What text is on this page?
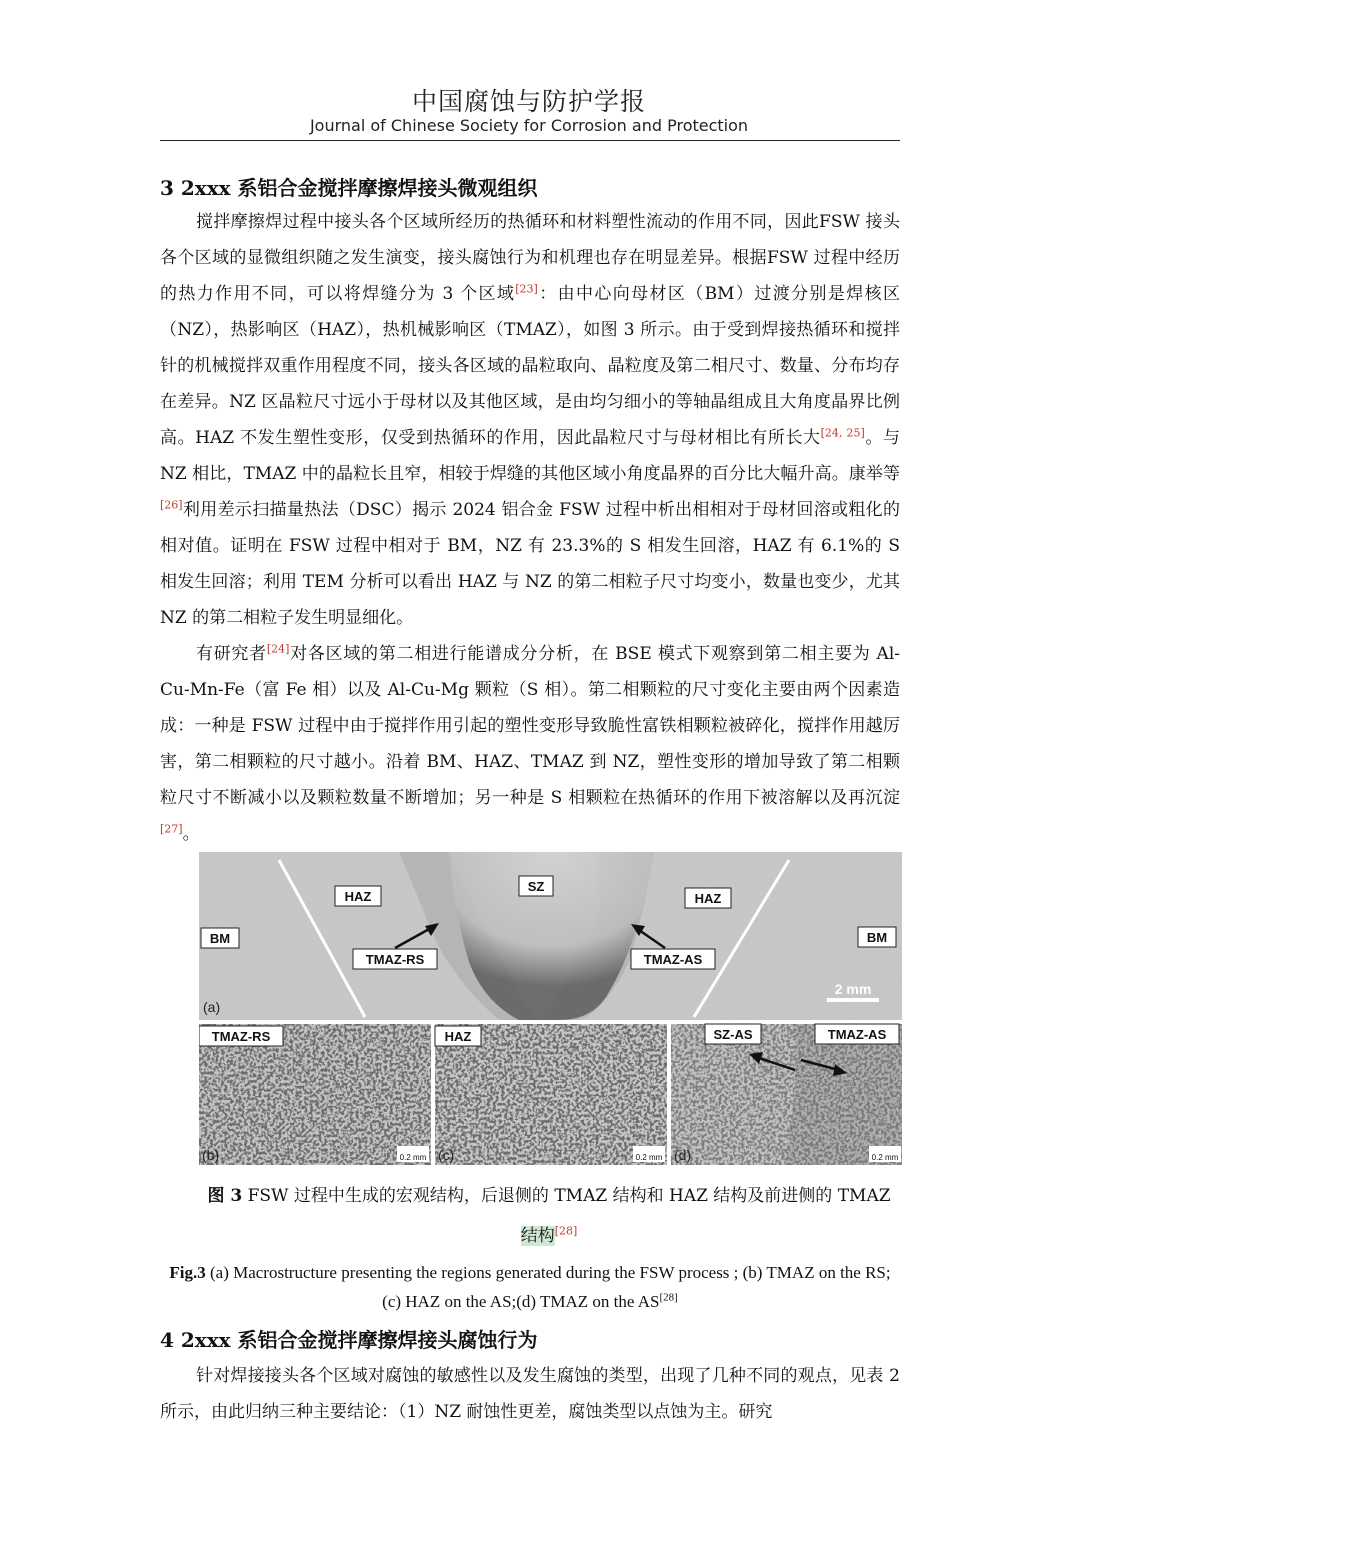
中国腐蚀与防护学报
Journal of Chinese Society for Corrosion and Protection
3 2xxx 系铝合金搅拌摩擦焊接头微观组织

搅拌摩擦焊过程中接头各个区域所经历的热循环和材料塑性流动的作用不同，因此FSW 接头各个区域的显微组织随之发生演变，接头腐蚀行为和机理也存在明显差异。根据FSW 过程中经历的热力作用不同，可以将焊缝分为 3 个区域[23]：由中心向母材区（BM）过渡分别是焊核区（NZ），热影响区（HAZ），热机械影响区（TMAZ），如图 3 所示。由于受到焊接热循环和搅拌针的机械搅拌双重作用程度不同，接头各区域的晶粒取向、晶粒度及第二相尺寸、数量、分布均存在差异。NZ 区晶粒尺寸远小于母材以及其他区域，是由均匀细小的等轴晶组成且大角度晶界比例高。HAZ 不发生塑性变形，仅受到热循环的作用，因此晶粒尺寸与母材相比有所长大[24, 25]。与 NZ 相比，TMAZ 中的晶粒长且窄，相较于焊缝的其他区域小角度晶界的百分比大幅升高。康举等[26]利用差示扫描量热法（DSC）揭示 2024 铝合金 FSW 过程中析出相相对于母材回溶或粗化的相对值。证明在 FSW 过程中相对于 BM，NZ 有 23.3%的 S 相发生回溶，HAZ 有 6.1%的 S 相发生回溶；利用 TEM 分析可以看出 HAZ 与 NZ 的第二相粒子尺寸均变小，数量也变少，尤其 NZ 的第二相粒子发生明显细化。

有研究者[24]对各区域的第二相进行能谱成分分析，在 BSE 模式下观察到第二相主要为 Al-Cu-Mn-Fe（富 Fe 相）以及 Al-Cu-Mg 颗粒（S 相）。第二相颗粒的尺寸变化主要由两个因素造成：一种是 FSW 过程中由于搅拌作用引起的塑性变形导致脆性富铁相颗粒被碎化，搅拌作用越厉害，第二相颗粒的尺寸越小。沿着 BM、HAZ、TMAZ 到 NZ，塑性变形的增加导致了第二相颗粒尺寸不断减小以及颗粒数量不断增加；另一种是 S 相颗粒在热循环的作用下被溶解以及再沉淀[27]。

HAZ
SZ
HAZ
BM	BM
TMAZ-RS	TMAZ-AS
(a)
2 mm
TMAZ-RS
(b)	0.2 mm
HAZ
(c)	0.2 mm
SZ-AS	TMAZ-AS
(d)	0.2 mm
图 3 FSW 过程中生成的宏观结构，后退侧的 TMAZ 结构和 HAZ 结构及前进侧的 TMAZ
结构[28]
Fig.3 (a) Macrostructure presenting the regions generated during the FSW process ; (b) TMAZ on the RS; (c) HAZ on the AS;(d) TMAZ on the AS[28]
4 2xxx 系铝合金搅拌摩擦焊接头腐蚀行为

针对焊接接头各个区域对腐蚀的敏感性以及发生腐蚀的类型，出现了几种不同的观点，见表 2 所示，由此归纳三种主要结论：（1）NZ 耐蚀性更差，腐蚀类型以点蚀为主。研究
